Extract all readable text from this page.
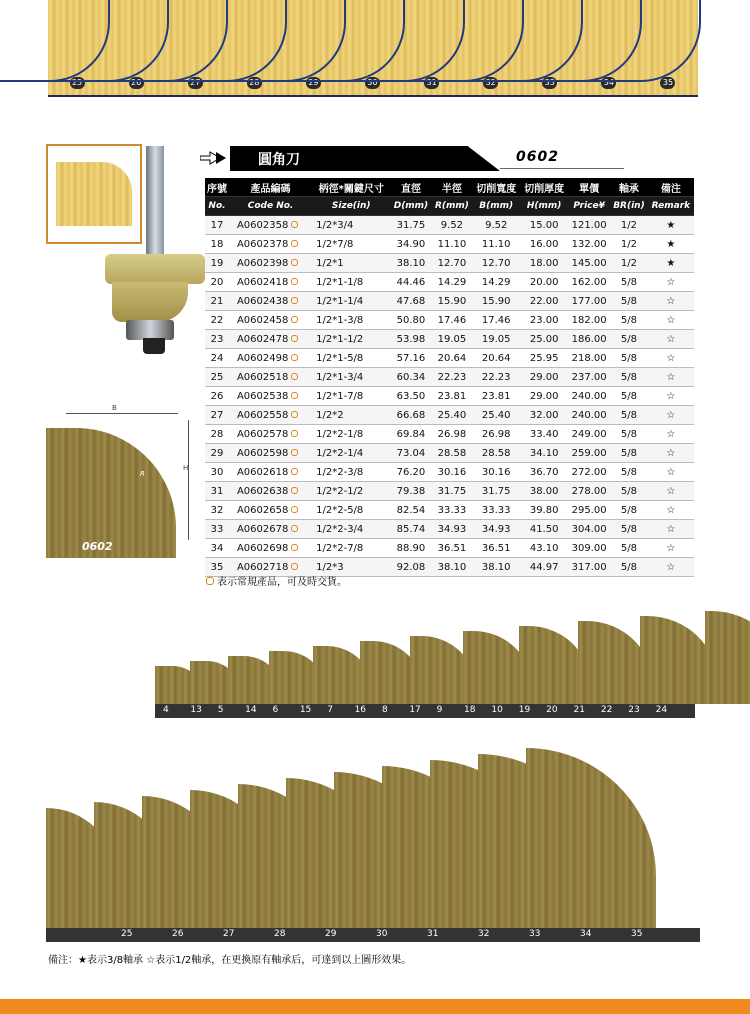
25	26	27	28	29	30	31	32	33	34	35
圓角刀	0602
序號	產品編碼	柄徑*關鍵尺寸	直徑	半徑	切削寬度	切削厚度	單價	軸承	備注
No.	Code No.	Size(in)	D(mm)	R(mm)	B(mm)	H(mm)	Price¥	BR(in)	Remark
17	A0602358	1/2*3/4	31.75	9.52	9.52	15.00	121.00	1/2	★
18	A0602378	1/2*7/8	34.90	11.10	11.10	16.00	132.00	1/2	★
19	A0602398	1/2*1	38.10	12.70	12.70	18.00	145.00	1/2	★
20	A0602418	1/2*1-1/8	44.46	14.29	14.29	20.00	162.00	5/8	☆
21	A0602438	1/2*1-1/4	47.68	15.90	15.90	22.00	177.00	5/8	☆
22	A0602458	1/2*1-3/8	50.80	17.46	17.46	23.00	182.00	5/8	☆
23	A0602478	1/2*1-1/2	53.98	19.05	19.05	25.00	186.00	5/8	☆
24	A0602498	1/2*1-5/8	57.16	20.64	20.64	25.95	218.00	5/8	☆
25	A0602518	1/2*1-3/4	60.34	22.23	22.23	29.00	237.00	5/8	☆
26	A0602538	1/2*1-7/8	63.50	23.81	23.81	29.00	240.00	5/8	☆
27	A0602558	1/2*2	66.68	25.40	25.40	32.00	240.00	5/8	☆
28	A0602578	1/2*2-1/8	69.84	26.98	26.98	33.40	249.00	5/8	☆
29	A0602598	1/2*2-1/4	73.04	28.58	28.58	34.10	259.00	5/8	☆
30	A0602618	1/2*2-3/8	76.20	30.16	30.16	36.70	272.00	5/8	☆
31	A0602638	1/2*2-1/2	79.38	31.75	31.75	38.00	278.00	5/8	☆
32	A0602658	1/2*2-5/8	82.54	33.33	33.33	39.80	295.00	5/8	☆
33	A0602678	1/2*2-3/4	85.74	34.93	34.93	41.50	304.00	5/8	☆
34	A0602698	1/2*2-7/8	88.90	36.51	36.51	43.10	309.00	5/8	☆
35	A0602718	1/2*3	92.08	38.10	38.10	44.97	317.00	5/8	☆
表示常規產品，可及時交貨。
B
H
R
0602
4 13 5 14 6 15 7 16 8 17 9 18 10 19 20 21 22 23 24
25	26	27	28	29	30	31	32	33	34	35
備注：★表示3/8軸承 ☆表示1/2軸承，在更換原有軸承后，可達到以上圖形效果。
